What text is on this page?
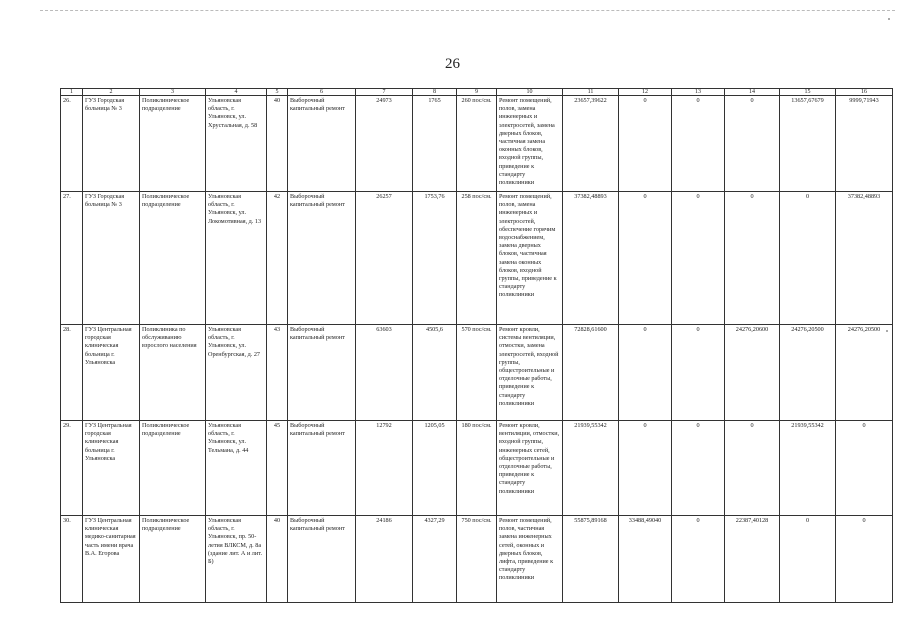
26
1	2	3	4	5	6	7	8	9	10	11	12	13	14	15	16
26.	ГУЗ Городская больница № 3	Поликлиническое подразделение	Ульяновская область, г. Ульяновск, ул. Хрустальная, д. 58	40	Выборочный капитальный ремонт	24973	1765	260 пос/см.	Ремонт помещений, полов, замена инженерных и электросетей, замена дверных блоков, частичная замена оконных блоков, входной группы, приведение к стандарту поликлиники	23657,39622	0	0	0	13657,67679	9999,71943
27.	ГУЗ Городская больница № 3	Поликлиническое подразделение	Ульяновская область, г. Ульяновск, ул. Локомотивная, д. 13	42	Выборочный капитальный ремонт	26257	1753,76	258 пос/см.	Ремонт помещений, полов, замена инженерных и электросетей, обеспечение горячим водоснабжением, замена дверных блоков, частичная замена оконных блоков, входной группы, приведение к стандарту поликлиники	37382,48893	0	0	0	0	37382,48893
28.	ГУЗ Центральная городская клиническая больница г. Ульяновска	Поликлиника по обслуживанию взрослого населения	Ульяновская область, г. Ульяновск, ул. Оренбургская, д. 27	43	Выборочный капитальный ремонт	63603	4505,6	570 пос/см.	Ремонт кровли, системы вентиляции, отмостки, замена электросетей, входной группы, общестроительные и отделочные работы, приведение к стандарту поликлиники	72828,61600	0	0	24276,20600	24276,20500	24276,20500
29.	ГУЗ Центральная городская клиническая больница г. Ульяновска	Поликлиническое подразделение	Ульяновская область, г. Ульяновск, ул. Тельмана, д. 44	45	Выборочный капитальный ремонт	12792	1205,05	180 пос/см.	Ремонт кровли, вентиляции, отмостки, входной группы, инженерных сетей, общестроительные и отделочные работы, приведение к стандарту поликлиники	21939,55342	0	0	0	21939,55342	0
30.	ГУЗ Центральная клиническая медико-санитарная часть имени врача В.А. Егорова	Поликлиническое подразделение	Ульяновская область, г. Ульяновск, пр. 50-летия ВЛКСМ, д. 8а (здание лит. А и лит. Б)	40	Выборочный капитальный ремонт	24186	4327,29	750 пос/см.	Ремонт помещений, полов, частичная замена инженерных сетей, оконных и дверных блоков, лифта, приведение к стандарту поликлиники	55875,89168	33488,49040	0	22387,40128	0	0
